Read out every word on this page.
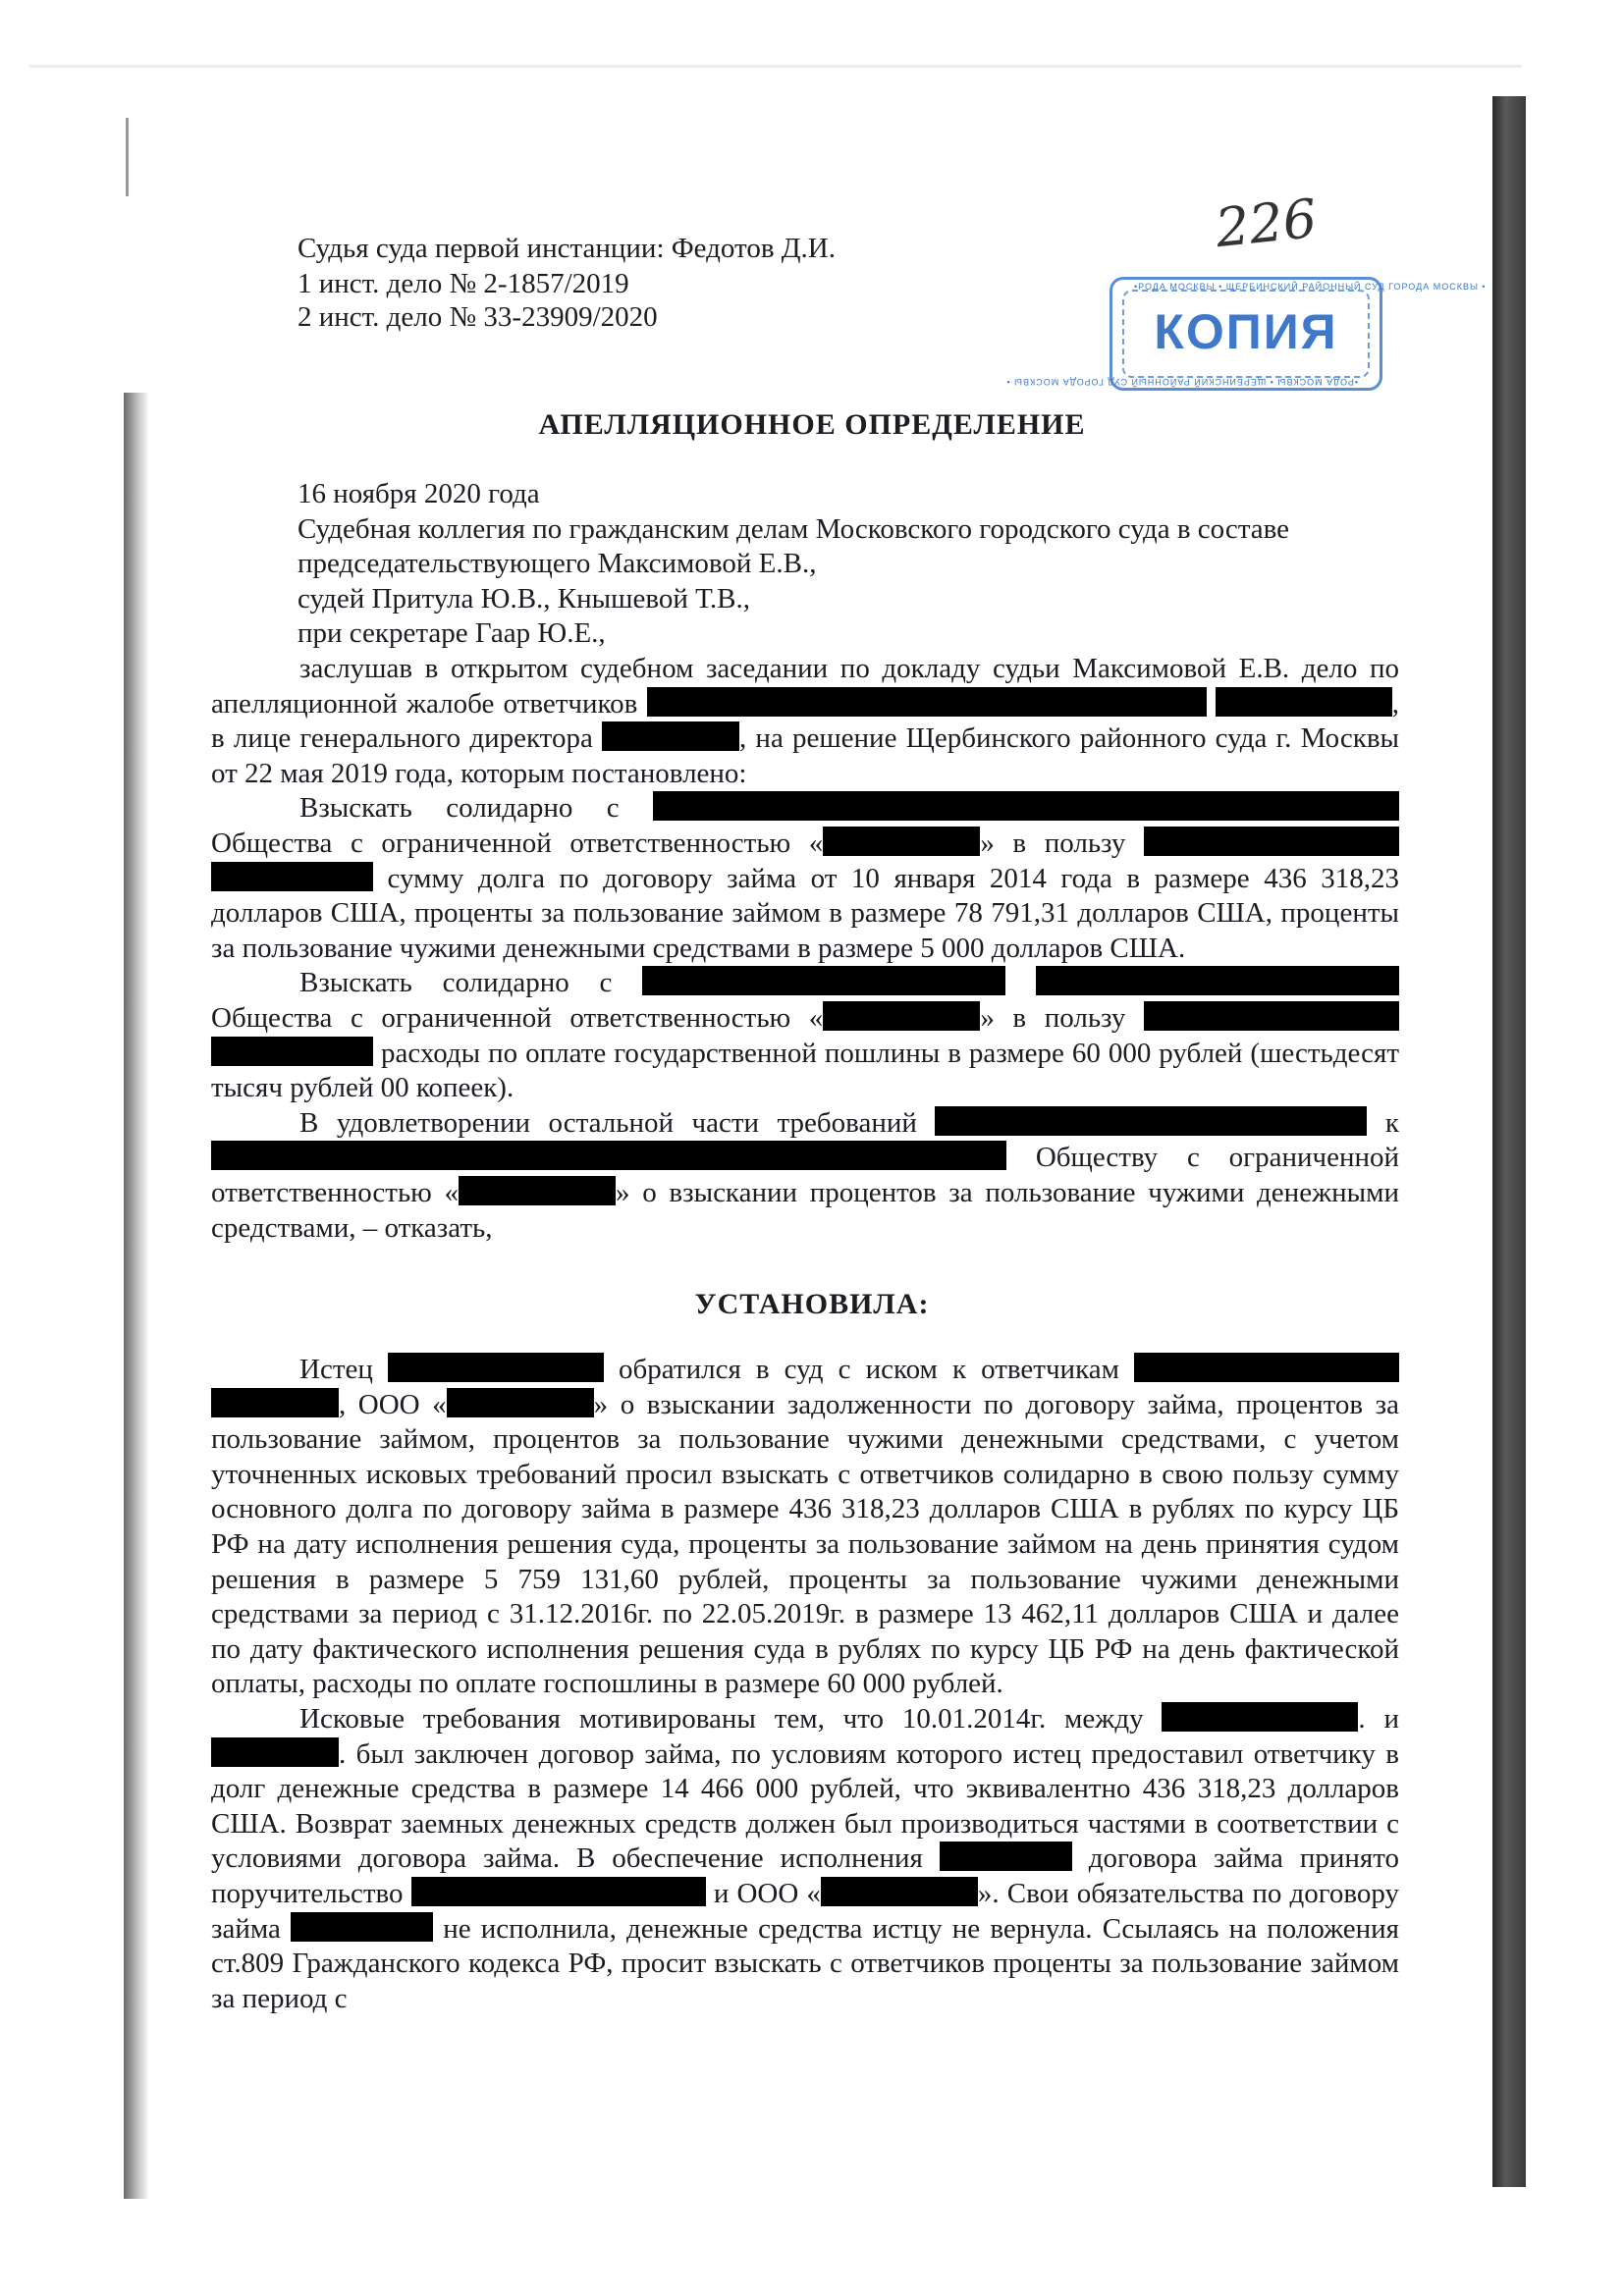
Судья суда первой инстанции: Федотов Д.И.
1 инст. дело № 2-1857/2019
2 инст. дело № 33-23909/2020
226
•РОДА МОСКВЫ • ЩЕРБИНСКИЙ РАЙОННЫЙ СУД ГОРОДА МОСКВЫ •
КОПИЯ
•РОДА МОСКВЫ • ЩЕРБИНСКИЙ РАЙОННЫЙ СУД ГОРОДА МОСКВЫ •
АПЕЛЛЯЦИОННОЕ ОПРЕДЕЛЕНИЕ

16 ноября 2020 года

Судебная коллегия по гражданским делам Московского городского суда в составе

председательствующего Максимовой Е.В.,

судей Притула Ю.В., Кнышевой Т.В.,

при секретаре Гаар Ю.Е.,

заслушав в открытом судебном заседании по докладу судьи Максимовой Е.В. дело по апелляционной жалобе ответчиков	, в лице генерального директора	, на решение Щербинского районного суда г. Москвы от 22 мая 2019 года, которым постановлено:

Взыскать солидарно с  Общества с ограниченной ответственностью «	» в пользу   сумму долга по договору займа от 10 января 2014 года в размере 436 318,23 долларов США, проценты за пользование займом в размере 78 791,31 долларов США, проценты за пользование чужими денежными средствами в размере 5 000 долларов США.

Взыскать солидарно с   Общества с ограниченной ответственностью «	» в пользу   расходы по оплате государственной пошлины в размере 60 000 рублей (шестьдесят тысяч рублей 00 копеек).

В удовлетворении остальной части требований	к  Обществу с ограниченной ответственностью «	» о взыскании процентов за пользование чужими денежными средствами, – отказать,

УСТАНОВИЛА:

Истец	обратился в суд с иском к ответчикам  , ООО «	» о взыскании задолженности по договору займа, процентов за пользование займом, процентов за пользование чужими денежными средствами, с учетом уточненных исковых требований просил взыскать с ответчиков солидарно в свою пользу сумму основного долга по договору займа в размере 436 318,23 долларов США в рублях по курсу ЦБ РФ на дату исполнения решения суда, проценты за пользование займом на день принятия судом решения в размере 5 759 131,60 рублей, проценты за пользование чужими денежными средствами за период с 31.12.2016г. по 22.05.2019г. в размере 13 462,11 долларов США и далее по дату фактического исполнения решения суда в рублях по курсу ЦБ РФ на день фактической оплаты, расходы по оплате госпошлины в размере 60 000 рублей.

Исковые требования мотивированы тем, что 10.01.2014г. между	. и . был заключен договор займа, по условиям которого истец предоставил ответчику в долг денежные средства в размере 14 466 000 рублей, что эквивалентно 436 318,23 долларов США. Возврат заемных денежных средств должен был производиться частями в соответствии с условиями договора займа. В обеспечение исполнения	договора займа принято поручительство	и ООО «	». Свои обязательства по договору займа	не исполнила, денежные средства истцу не вернула. Ссылаясь на положения ст.809 Гражданского кодекса РФ, просит взыскать с ответчиков проценты за пользование займом за период с
